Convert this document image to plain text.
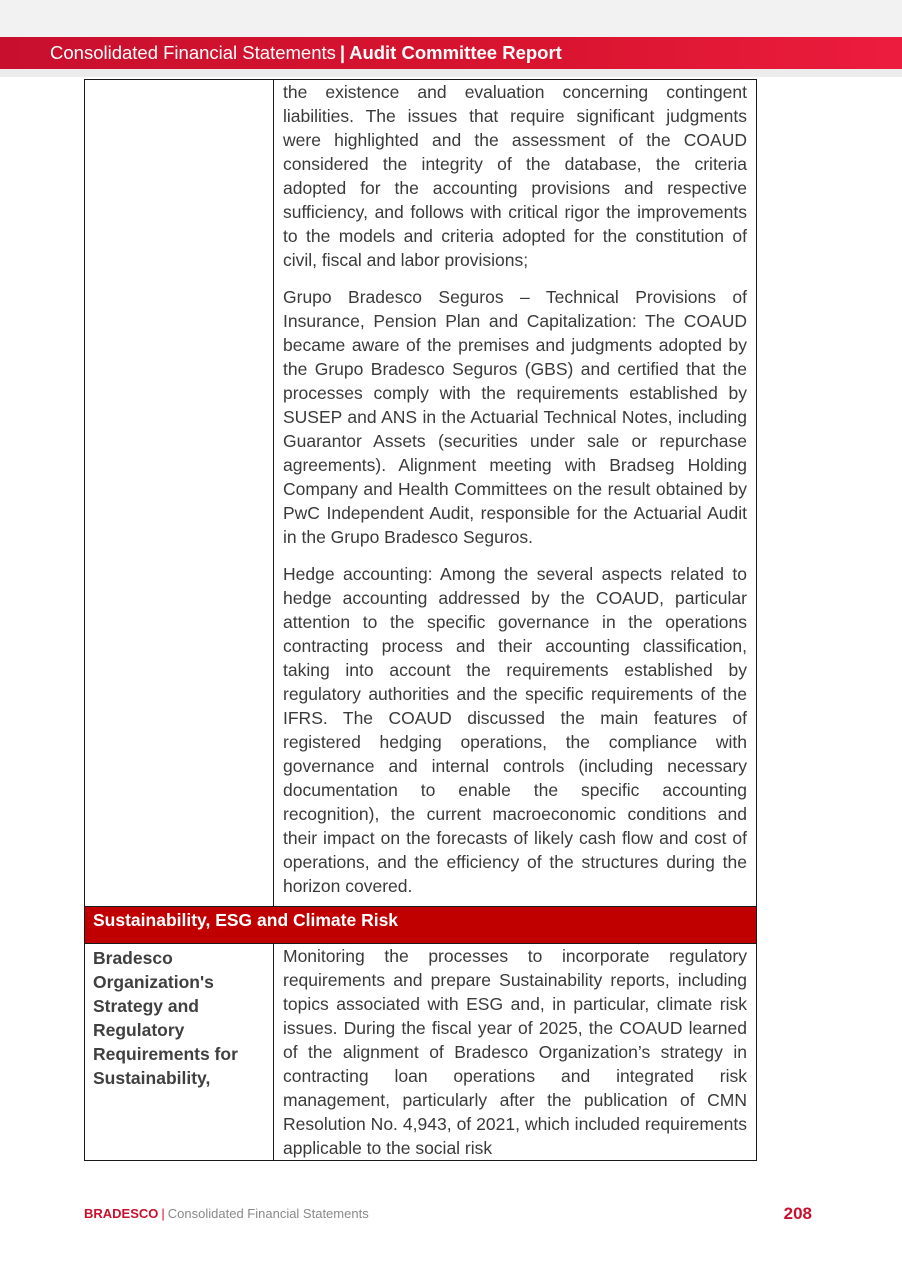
Consolidated Financial Statements | Audit Committee Report

	the existence and evaluation concerning contingent liabilities. The issues that require significant judgments were highlighted and the assessment of the COAUD considered the integrity of the database, the criteria adopted for the accounting provisions and respective sufficiency, and follows with critical rigor the improvements to the models and criteria adopted for the constitution of civil, fiscal and labor provisions;

Grupo Bradesco Seguros – Technical Provisions of Insurance, Pension Plan and Capitalization: The COAUD became aware of the premises and judgments adopted by the Grupo Bradesco Seguros (GBS) and certified that the processes comply with the requirements established by SUSEP and ANS in the Actuarial Technical Notes, including Guarantor Assets (securities under sale or repurchase agreements). Alignment meeting with Bradseg Holding Company and Health Committees on the result obtained by PwC Independent Audit, responsible for the Actuarial Audit in the Grupo Bradesco Seguros.

Hedge accounting: Among the several aspects related to hedge accounting addressed by the COAUD, particular attention to the specific governance in the operations contracting process and their accounting classification, taking into account the requirements established by regulatory authorities and the specific requirements of the IFRS. The COAUD discussed the main features of registered hedging operations, the compliance with governance and internal controls (including necessary documentation to enable the specific accounting recognition), the current macroeconomic conditions and their impact on the forecasts of likely cash flow and cost of operations, and the efficiency of the structures during the horizon covered.

Sustainability, ESG and Climate Risk	

Bradesco Organization's Strategy and Regulatory Requirements for Sustainability,	Monitoring the processes to incorporate regulatory requirements and prepare Sustainability reports, including topics associated with ESG and, in particular, climate risk issues. During the fiscal year of 2025, the COAUD learned of the alignment of Bradesco Organization’s strategy in contracting loan operations and integrated risk management, particularly after the publication of CMN Resolution No. 4,943, of 2021, which included requirements applicable to the social risk

BRADESCO | Consolidated Financial Statements	208
